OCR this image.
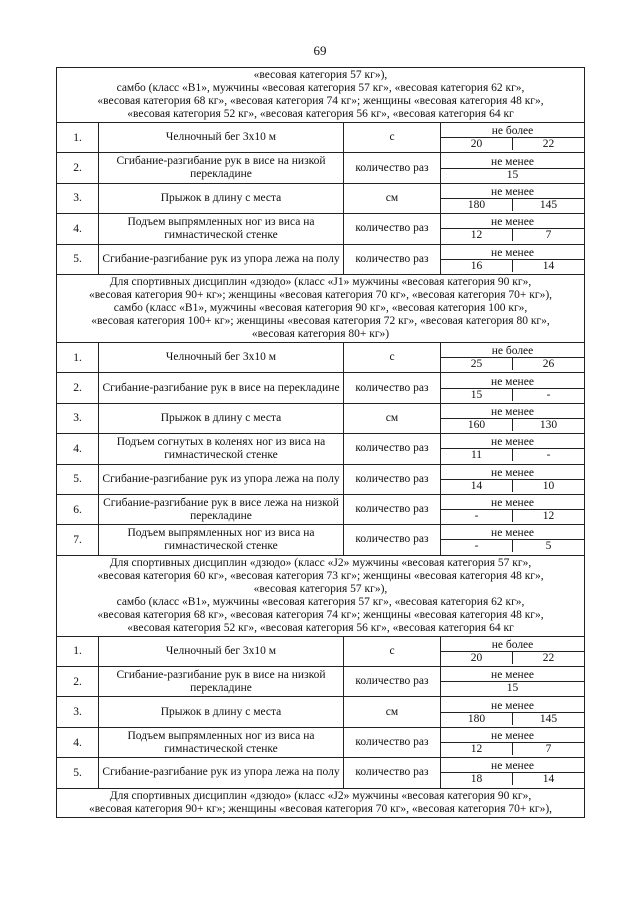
69
«весовая категория 57 кг»),
самбо (класс «B1», мужчины «весовая категория 57 кг», «весовая категория 62 кг»,
«весовая категория 68 кг», «весовая категория 74 кг»; женщины «весовая категория 48 кг»,
«весовая категория 52 кг», «весовая категория 56 кг», «весовая категория 64 кг

1.	Челночный бег 3х10 м	с		не более
20	22

2.	Сгибание-разгибание рук в висе на низкой перекладине	количество раз		не менее
15

3.	Прыжок в длину с места	см		не менее
180	145

4.	Подъем выпрямленных ног из виса на гимнастической стенке	количество раз		не менее
12	7

5.	Сгибание-разгибание рук из упора лежа на полу	количество раз		не менее
16	14

Для спортивных дисциплин «дзюдо» (класс «J1» мужчины «весовая категория 90 кг»,
«весовая категория 90+ кг»; женщины «весовая категория 70 кг», «весовая категория 70+ кг»),
самбо (класс «B1», мужчины «весовая категория 90 кг», «весовая категория 100 кг»,
«весовая категория 100+ кг»; женщины «весовая категория 72 кг», «весовая категория 80 кг»,
«весовая категория 80+ кг»)

1.	Челночный бег 3х10 м	с		не более
25	26

2.	Сгибание-разгибание рук в висе на перекладине	количество раз		не менее
15	-

3.	Прыжок в длину с места	см		не менее
160	130

4.	Подъем согнутых в коленях ног из виса на гимнастической стенке	количество раз		не менее
11	-

5.	Сгибание-разгибание рук из упора лежа на полу	количество раз		не менее
14	10

6.	Сгибание-разгибание рук в висе лежа на низкой перекладине	количество раз		не менее
-	12

7.	Подъем выпрямленных ног из виса на гимнастической стенке	количество раз		не менее
-	5

Для спортивных дисциплин «дзюдо» (класс «J2» мужчины «весовая категория 57 кг»,
«весовая категория 60 кг», «весовая категория 73 кг»; женщины «весовая категория 48 кг»,
«весовая категория 57 кг»),
самбо (класс «B1», мужчины «весовая категория 57 кг», «весовая категория 62 кг»,
«весовая категория 68 кг», «весовая категория 74 кг»; женщины «весовая категория 48 кг»,
«весовая категория 52 кг», «весовая категория 56 кг», «весовая категория 64 кг

1.	Челночный бег 3х10 м	с		не более
20	22

2.	Сгибание-разгибание рук в висе на низкой перекладине	количество раз		не менее
15

3.	Прыжок в длину с места	см		не менее
180	145

4.	Подъем выпрямленных ног из виса на гимнастической стенке	количество раз		не менее
12	7

5.	Сгибание-разгибание рук из упора лежа на полу	количество раз		не менее
18	14

Для спортивных дисциплин «дзюдо» (класс «J2» мужчины «весовая категория 90 кг»,
«весовая категория 90+ кг»; женщины «весовая категория 70 кг», «весовая категория 70+ кг»),
